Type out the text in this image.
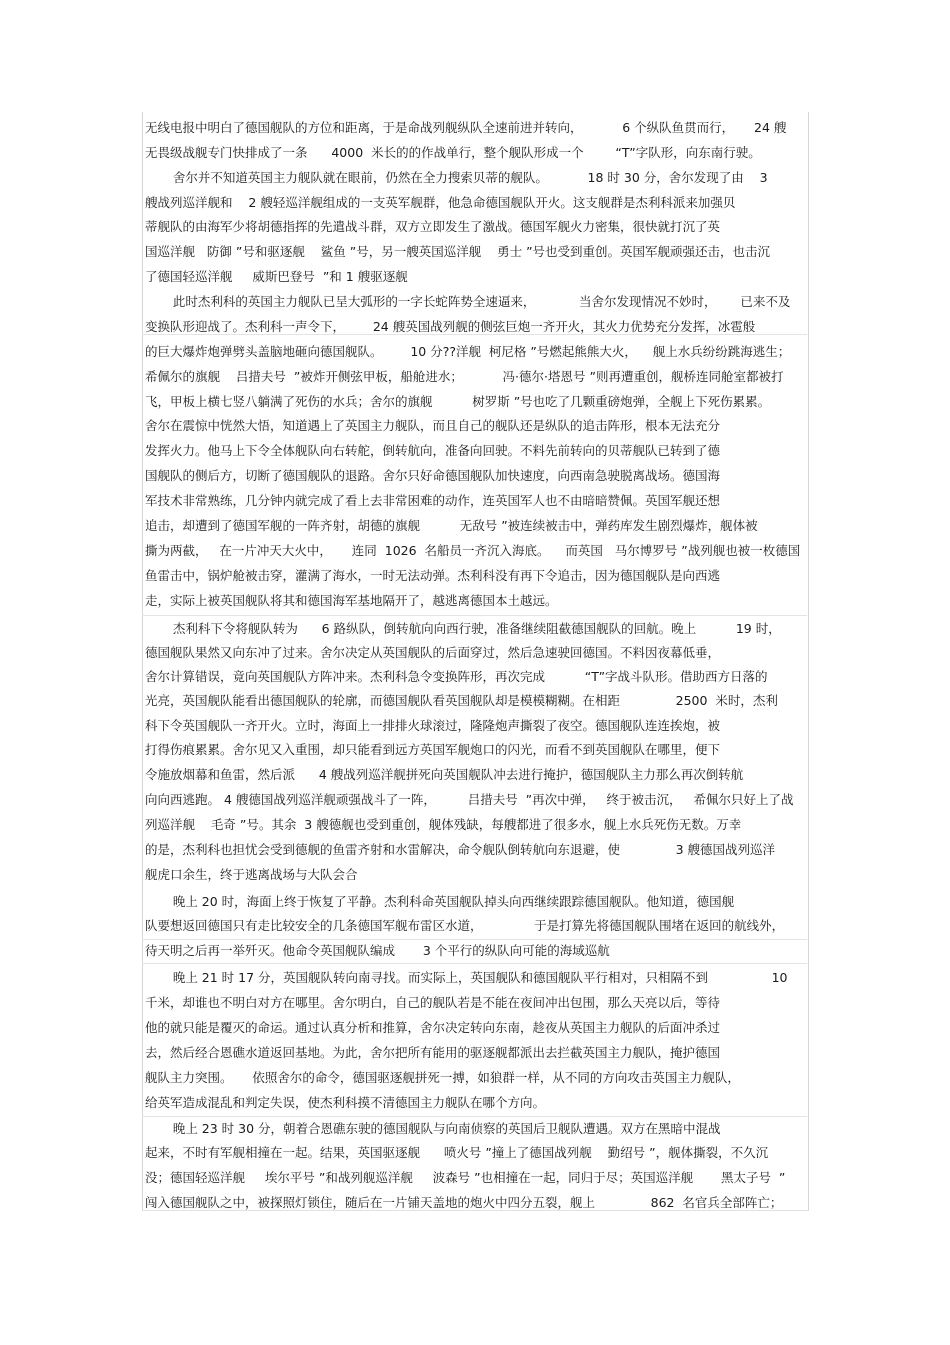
无线电报中明白了德国舰队的方位和距离，于是命战列舰纵队全速前进并转向，          6 个纵队鱼贯而行，     24 艘
无畏级战舰专门快排成了一条      4000  米长的的作战单行，整个舰队形成一个        “T”字队形，向东南行驶。
舍尔并不知道英国主力舰队就在眼前，仍然在全力搜索贝蒂的舰队。          18 时 30 分，舍尔发现了由    3
艘战列巡洋舰和    2 艘轻巡洋舰组成的一支英军舰群，他急命德国舰队开火。这支舰群是杰利科派来加强贝
蒂舰队的由海军少将胡德指挥的先遣战斗群，双方立即发生了激战。德国军舰火力密集，很快就打沉了英
国巡洋舰   防御 ”号和驱逐舰    鲨鱼 ”号，另一艘英国巡洋舰    勇士 ”号也受到重创。英国军舰顽强还击，也击沉
了德国轻巡洋舰     威斯巴登号  ”和 1 艘驱逐舰
此时杰利科的英国主力舰队已呈大弧形的一字长蛇阵势全速逼来，           当舍尔发现情况不妙时，      已来不及
变换队形迎战了。杰利科一声令下，       24 艘英国战列舰的侧弦巨炮一齐开火，其火力优势充分发挥，冰雹般
的巨大爆炸炮弹劈头盖脑地砸向德国舰队。       10 分??洋舰  柯尼格 ”号燃起熊熊大火，    舰上水兵纷纷跳海逃生；
希佩尔的旗舰    吕措夫号  ”被炸开侧弦甲板，船舱进水；          冯·德尔·塔恩号 ”则再遭重创，舰桥连同舱室都被打
飞，甲板上横七竖八躺满了死伤的水兵；舍尔的旗舰          树罗斯 ”号也吃了几颗重磅炮弹，全舰上下死伤累累。
舍尔在震惊中恍然大悟，知道遇上了英国主力舰队，而且自己的舰队还是纵队的追击阵形，根本无法充分
发挥火力。他马上下令全体舰队向右转舵，倒转航向，准备向回驶。不料先前转向的贝蒂舰队已转到了德
国舰队的侧后方，切断了德国舰队的退路。舍尔只好命德国舰队加快速度，向西南急驶脱离战场。德国海
军技术非常熟练，几分钟内就完成了看上去非常困难的动作，连英国军人也不由暗暗赞佩。英国军舰还想
追击，却遭到了德国军舰的一阵齐射，胡德的旗舰          无敌号 ”被连续被击中，弹药库发生剧烈爆炸，舰体被
撕为两截，   在一片冲天大火中，     连同  1026  名船员一齐沉入海底。    而英国   马尔博罗号 ”战列舰也被一枚德国
鱼雷击中，锅炉舱被击穿，灌满了海水，一时无法动弹。杰利科没有再下令追击，因为德国舰队是向西逃
走，实际上被英国舰队将其和德国海军基地隔开了，越逃离德国本土越远。
杰利科下令将舰队转为      6 路纵队，倒转航向向西行驶，准备继续阻截德国舰队的回航。晚上          19 时，
德国舰队果然又向东冲了过来。舍尔决定从英国舰队的后面穿过，然后急速驶回德国。不料因夜幕低垂，
舍尔计算错误，竟向英国舰队方阵冲来。杰利科急令变换阵形，再次完成          “T”字战斗队形。借助西方日落的
光亮，英国舰队能看出德国舰队的轮廓，而德国舰队看英国舰队却是模模糊糊。在相距              2500  米时，杰利
科下令英国舰队一齐开火。立时，海面上一排排火球滚过，隆隆炮声撕裂了夜空。德国舰队连连挨炮，被
打得伤痕累累。舍尔见又入重围，却只能看到远方英国军舰炮口的闪光，而看不到英国舰队在哪里，便下
令施放烟幕和鱼雷，然后派      4 艘战列巡洋舰拼死向英国舰队冲去进行掩护，德国舰队主力那么再次倒转航
向向西逃跑。 4 艘德国战列巡洋舰顽强战斗了一阵，        吕措夫号  ”再次中弹，   终于被击沉，   希佩尔只好上了战
列巡洋舰    毛奇 ”号。其余  3 艘德舰也受到重创，舰体残缺，每艘都进了很多水，舰上水兵死伤无数。万幸
的是，杰利科也担忧会受到德舰的鱼雷齐射和水雷解决，命令舰队倒转航向东退避，使              3 艘德国战列巡洋
舰虎口余生，终于逃离战场与大队会合
晚上 20 时，海面上终于恢复了平静。杰利科命英国舰队掉头向西继续跟踪德国舰队。他知道，德国舰
队要想返回德国只有走比较安全的几条德国军舰布雷区水道，             于是打算先将德国舰队围堵在返回的航线外，
待天明之后再一举歼灭。他命令英国舰队编成       3 个平行的纵队向可能的海域巡航
晚上 21 时 17 分，英国舰队转向南寻找。而实际上，英国舰队和德国舰队平行相对，只相隔不到                10
千米，却谁也不明白对方在哪里。舍尔明白，自己的舰队若是不能在夜间冲出包围，那么天亮以后，等待
他的就只能是覆灭的命运。通过认真分析和推算，舍尔决定转向东南，趁夜从英国主力舰队的后面冲杀过
去，然后经合恩礁水道返回基地。为此，舍尔把所有能用的驱逐舰都派出去拦截英国主力舰队，掩护德国
舰队主力突围。     依照舍尔的命令，德国驱逐舰拼死一搏，如狼群一样，从不同的方向攻击英国主力舰队，
给英军造成混乱和判定失误，使杰利科摸不清德国主力舰队在哪个方向。
晚上 23 时 30 分，朝着合恩礁东驶的德国舰队与向南侦察的英国后卫舰队遭遇。双方在黑暗中混战
起来，不时有军舰相撞在一起。结果，英国驱逐舰      喷火号 ”撞上了德国战列舰    勤绍号 ”，舰体撕裂，不久沉
没；德国轻巡洋舰     埃尔平号 ”和战列舰巡洋舰     波森号 ”也相撞在一起，同归于尽；英国巡洋舰       黑太子号  ”
闯入德国舰队之中，被探照灯锁住，随后在一片铺天盖地的炮火中四分五裂，舰上              862  名官兵全部阵亡；
